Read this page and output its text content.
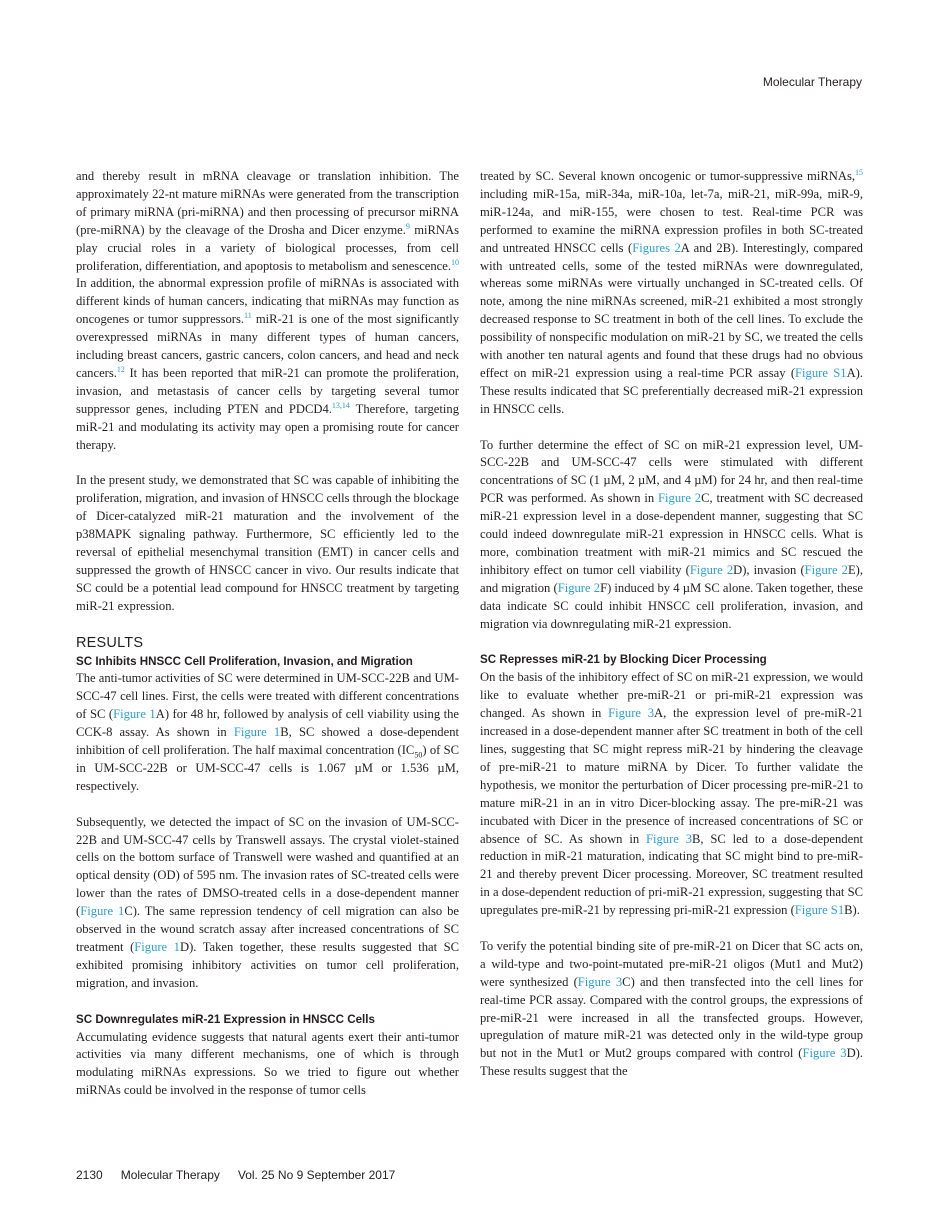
Molecular Therapy

and thereby result in mRNA cleavage or translation inhibition. The approximately 22-nt mature miRNAs were generated from the transcription of primary miRNA (pri-miRNA) and then processing of precursor miRNA (pre-miRNA) by the cleavage of the Drosha and Dicer enzyme.$^9$ miRNAs play crucial roles in a variety of biological processes, from cell proliferation, differentiation, and apoptosis to metabolism and senescence.$^{10}$ In addition, the abnormal expression profile of miRNAs is associated with different kinds of human cancers, indicating that miRNAs may function as oncogenes or tumor suppressors.$^{11}$ miR-21 is one of the most significantly overexpressed miRNAs in many different types of human cancers, including breast cancers, gastric cancers, colon cancers, and head and neck cancers.$^{12}$ It has been reported that miR-21 can promote the proliferation, invasion, and metastasis of cancer cells by targeting several tumor suppressor genes, including PTEN and PDCD4.$^{13,14}$ Therefore, targeting miR-21 and modulating its activity may open a promising route for cancer therapy.

In the present study, we demonstrated that SC was capable of inhibiting the proliferation, migration, and invasion of HNSCC cells through the blockage of Dicer-catalyzed miR-21 maturation and the involvement of the p38MAPK signaling pathway. Furthermore, SC efficiently led to the reversal of epithelial mesenchymal transition (EMT) in cancer cells and suppressed the growth of HNSCC cancer in vivo. Our results indicate that SC could be a potential lead compound for HNSCC treatment by targeting miR-21 expression.

RESULTS
SC Inhibits HNSCC Cell Proliferation, Invasion, and Migration

The anti-tumor activities of SC were determined in UM-SCC-22B and UM-SCC-47 cell lines. First, the cells were treated with different concentrations of SC (Figure 1A) for 48 hr, followed by analysis of cell viability using the CCK-8 assay. As shown in Figure 1B, SC showed a dose-dependent inhibition of cell proliferation. The half maximal concentration $(IC_{50})$ of SC in UM-SCC-22B or UM-SCC-47 cells is 1.067 µM or 1.536 µM, respectively.

Subsequently, we detected the impact of SC on the invasion of UM-SCC-22B and UM-SCC-47 cells by Transwell assays. The crystal violet-stained cells on the bottom surface of Transwell were washed and quantified at an optical density (OD) of 595 nm. The invasion rates of SC-treated cells were lower than the rates of DMSO-treated cells in a dose-dependent manner (Figure 1C). The same repression tendency of cell migration can also be observed in the wound scratch assay after increased concentrations of SC treatment (Figure 1D). Taken together, these results suggested that SC exhibited promising inhibitory activities on tumor cell proliferation, migration, and invasion.

SC Downregulates miR-21 Expression in HNSCC Cells

Accumulating evidence suggests that natural agents exert their anti-tumor activities via many different mechanisms, one of which is through modulating miRNAs expressions. So we tried to figure out whether miRNAs could be involved in the response of tumor cells

treated by SC. Several known oncogenic or tumor-suppressive miRNAs,$^{15}$ including miR-15a, miR-34a, miR-10a, let-7a, miR-21, miR-99a, miR-9, miR-124a, and miR-155, were chosen to test. Real-time PCR was performed to examine the miRNA expression profiles in both SC-treated and untreated HNSCC cells (Figures 2A and 2B). Interestingly, compared with untreated cells, some of the tested miRNAs were downregulated, whereas some miRNAs were virtually unchanged in SC-treated cells. Of note, among the nine miRNAs screened, miR-21 exhibited a most strongly decreased response to SC treatment in both of the cell lines. To exclude the possibility of nonspecific modulation on miR-21 by SC, we treated the cells with another ten natural agents and found that these drugs had no obvious effect on miR-21 expression using a real-time PCR assay (Figure S1A). These results indicated that SC preferentially decreased miR-21 expression in HNSCC cells.

To further determine the effect of SC on miR-21 expression level, UM-SCC-22B and UM-SCC-47 cells were stimulated with different concentrations of SC (1 µM, 2 µM, and 4 µM) for 24 hr, and then real-time PCR was performed. As shown in Figure 2C, treatment with SC decreased miR-21 expression level in a dose-dependent manner, suggesting that SC could indeed downregulate miR-21 expression in HNSCC cells. What is more, combination treatment with miR-21 mimics and SC rescued the inhibitory effect on tumor cell viability (Figure 2D), invasion (Figure 2E), and migration (Figure 2F) induced by 4 µM SC alone. Taken together, these data indicate SC could inhibit HNSCC cell proliferation, invasion, and migration via downregulating miR-21 expression.

SC Represses miR-21 by Blocking Dicer Processing

On the basis of the inhibitory effect of SC on miR-21 expression, we would like to evaluate whether pre-miR-21 or pri-miR-21 expression was changed. As shown in Figure 3A, the expression level of pre-miR-21 increased in a dose-dependent manner after SC treatment in both of the cell lines, suggesting that SC might repress miR-21 by hindering the cleavage of pre-miR-21 to mature miRNA by Dicer. To further validate the hypothesis, we monitor the perturbation of Dicer processing pre-miR-21 to mature miR-21 in an in vitro Dicer-blocking assay. The pre-miR-21 was incubated with Dicer in the presence of increased concentrations of SC or absence of SC. As shown in Figure 3B, SC led to a dose-dependent reduction in miR-21 maturation, indicating that SC might bind to pre-miR-21 and thereby prevent Dicer processing. Moreover, SC treatment resulted in a dose-dependent reduction of pri-miR-21 expression, suggesting that SC upregulates pre-miR-21 by repressing pri-miR-21 expression (Figure S1B).

To verify the potential binding site of pre-miR-21 on Dicer that SC acts on, a wild-type and two-point-mutated pre-miR-21 oligos (Mut1 and Mut2) were synthesized (Figure 3C) and then transfected into the cell lines for real-time PCR assay. Compared with the control groups, the expressions of pre-miR-21 were increased in all the transfected groups. However, upregulation of mature miR-21 was detected only in the wild-type group but not in the Mut1 or Mut2 groups compared with control (Figure 3D). These results suggest that the

2130 Molecular Therapy Vol. 25 No 9 September 2017
